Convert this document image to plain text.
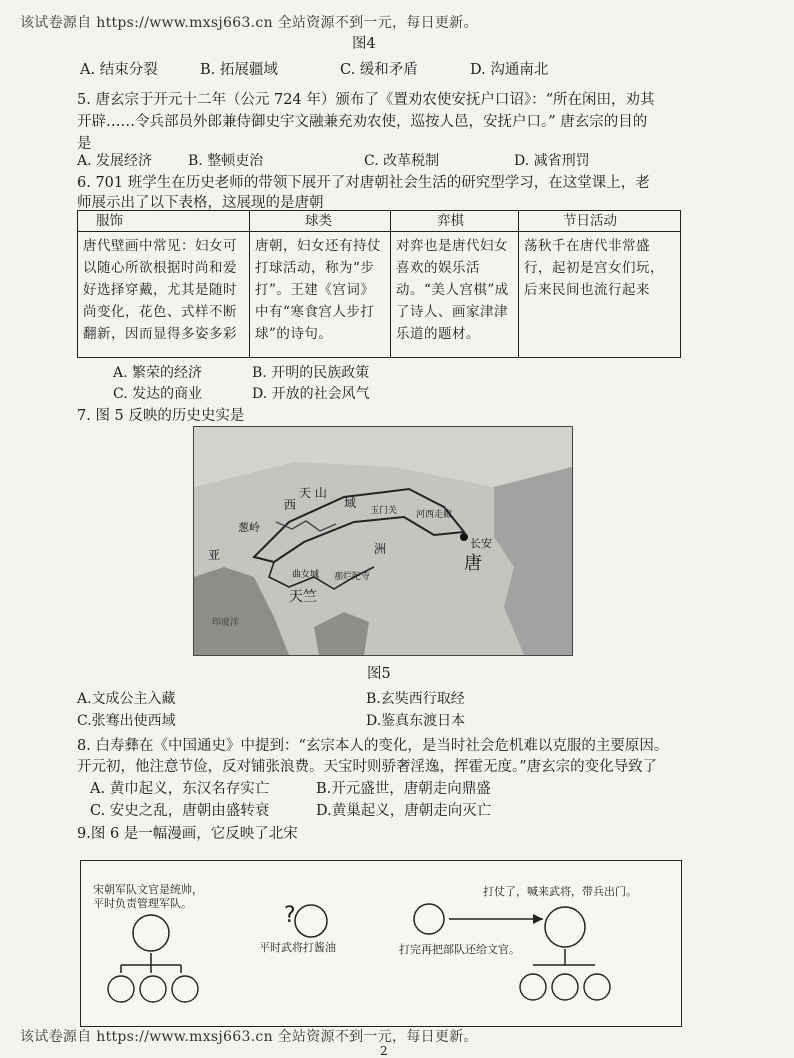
该试卷源自 https://www.mxsj663.cn 全站资源不到一元，每日更新。
图4
A. 结束分裂	B. 拓展疆域	C. 缓和矛盾	D. 沟通南北
5. 唐玄宗于开元十二年（公元 724 年）颁布了《置劝农使安抚户口诏》：“所在闲田，劝其
开辟……令兵部员外郎兼侍御史宇文融兼充劝农使，巡按人邑，安抚户口。” 唐玄宗的目的
是
A. 发展经济	B. 整顿吏治	C. 改革税制	D. 减省刑罚
6. 701 班学生在历史老师的带领下展开了对唐朝社会生活的研究型学习，在这堂课上，老
师展示出了以下表格，这展现的是唐朝
服饰	球类	弈棋	节日活动
唐代壁画中常见：妇女可以随心所欲根据时尚和爱好选择穿戴，尤其是随时尚变化，花色、式样不断翻新，因而显得多姿多彩	唐朝，妇女还有持仗打球活动，称为“步打”。王建《宫词》中有“寒食宫人步打球”的诗句。	对弈也是唐代妇女喜欢的娱乐活动。“美人宫棋”成了诗人、画家津津乐道的题材。	荡秋千在唐代非常盛行，起初是宫女们玩，后来民间也流行起来
A. 繁荣的经济	B. 开明的民族政策
C. 发达的商业	D. 开放的社会风气
7. 图 5 反映的历史史实是
天 山
西	域
玉门关 河西走廊
长安
唐
洲
亚
葱岭
天竺
曲女城 那烂陀寺
印度洋
图5
A.文成公主入藏	B.玄奘西行取经
C.张骞出使西域	D.鉴真东渡日本
8. 白寿彝在《中国通史》中提到：“玄宗本人的变化，是当时社会危机难以克服的主要原因。
开元初，他注意节俭，反对铺张浪费。天宝时则骄奢淫逸，挥霍无度。”唐玄宗的变化导致了
A. 黄巾起义，东汉名存实亡	B.开元盛世，唐朝走向鼎盛
C. 安史之乱，唐朝由盛转衰	D.黄巢起义，唐朝走向灭亡
9.图 6 是一幅漫画，它反映了北宋
宋朝军队文官是统帅，
平时负责管理军队。
平时武将打酱油
打仗了，喊来武将，带兵出门。
打完再把部队还给文官。
?
该试卷源自 https://www.mxsj663.cn 全站资源不到一元，每日更新。
2
